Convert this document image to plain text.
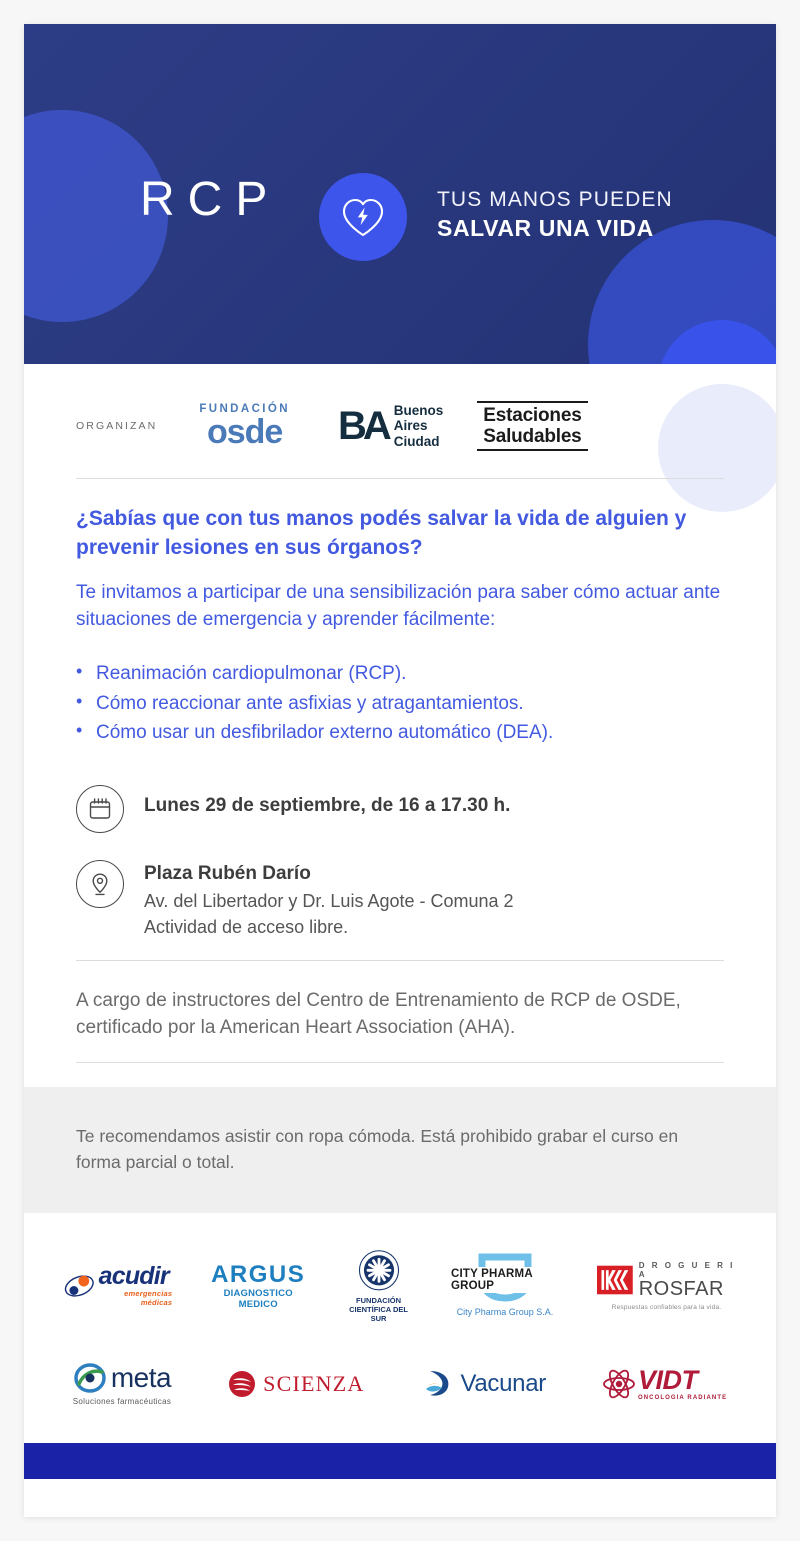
RCP	TUS MANOS PUEDEN
SALVAR UNA VIDA
ORGANIZAN
FUNDACIÓN
osde BA Buenos
Aires
Ciudad
Estaciones
Saludables
¿Sabías que con tus manos podés salvar la vida de alguien y prevenir lesiones en sus órganos?

Te invitamos a participar de una sensibilización para saber cómo actuar ante situaciones de emergencia y aprender fácilmente:

• Reanimación cardiopulmonar (RCP).
• Cómo reaccionar ante asfixias y atragantamientos.
• Cómo usar un desfibrilador externo automático (DEA).
Lunes 29 de septiembre, de 16 a 17.30 h.
Plaza Rubén Darío
Av. del Libertador y Dr. Luis Agote - Comuna 2
Actividad de acceso libre.

A cargo de instructores del Centro de Entrenamiento de RCP de OSDE, certificado por la American Heart Association (AHA).

Te recomendamos asistir con ropa cómoda. Está prohibido grabar el curso en forma parcial o total.

acudir
emergencias médicas
ARGUS
DIAGNOSTICO MEDICO	FUNDACIÓN
CIENTÍFICA DEL SUR
CITY PHARMA GROUP
City Pharma Group S.A.
D R O G U E R I A
ROSFAR
Respuestas confiables para la vida.
meta
Soluciones farmacéuticas
SCIENZA	Vacunar	VIDT
ONCOLOGIA RADIANTE
